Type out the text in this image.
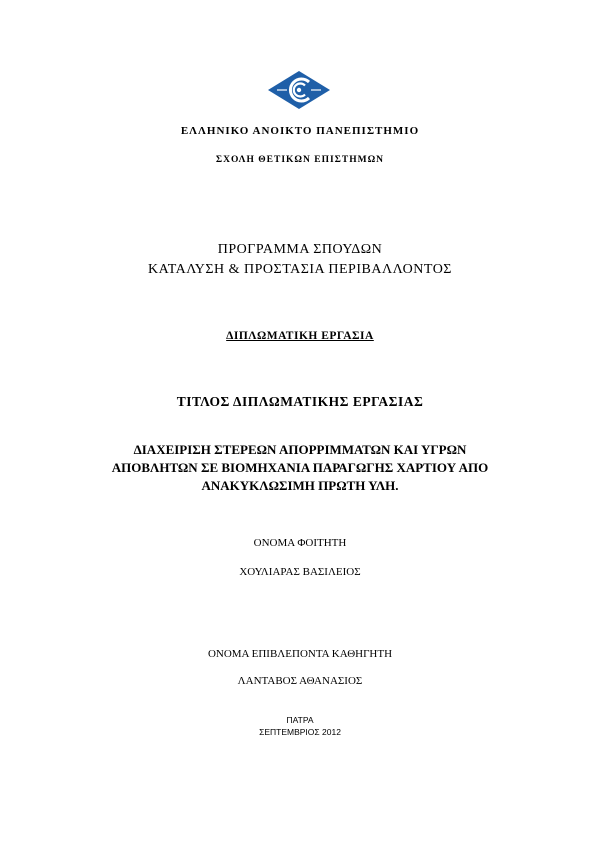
ΕΛΛΗΝΙΚΟ ΑΝΟΙΚΤΟ ΠΑΝΕΠΙΣΤΗΜΙΟ
ΣΧΟΛΗ ΘΕΤΙΚΩΝ ΕΠΙΣΤΗΜΩΝ
ΠΡΟΓΡΑΜΜΑ ΣΠΟΥΔΩΝ
ΚΑΤΑΛΥΣΗ & ΠΡΟΣΤΑΣΙΑ ΠΕΡΙΒΑΛΛΟΝΤΟΣ
ΔΙΠΛΩΜΑΤΙΚΗ ΕΡΓΑΣΙΑ
ΤΙΤΛΟΣ ΔΙΠΛΩΜΑΤΙΚΗΣ ΕΡΓΑΣΙΑΣ
ΔΙΑΧΕΙΡΙΣΗ ΣΤΕΡΕΩΝ ΑΠΟΡΡΙΜΜΑΤΩΝ ΚΑΙ ΥΓΡΩΝ
ΑΠΟΒΛΗΤΩΝ ΣΕ ΒΙΟΜΗΧΑΝΙΑ ΠΑΡΑΓΩΓΗΣ ΧΑΡΤΙΟΥ ΑΠΟ
ΑΝΑΚΥΚΛΩΣΙΜΗ ΠΡΩΤΗ ΥΛΗ.
ΟΝΟΜΑ ΦΟΙΤΗΤΗ
ΧΟΥΛΙΑΡΑΣ ΒΑΣΙΛΕΙΟΣ
ΟΝΟΜΑ ΕΠΙΒΛΕΠΟΝΤΑ ΚΑΘΗΓΗΤΗ
ΛΑΝΤΑΒΟΣ ΑΘΑΝΑΣΙΟΣ
ΠΑΤΡΑ
ΣΕΠΤΕΜΒΡΙΟΣ 2012
